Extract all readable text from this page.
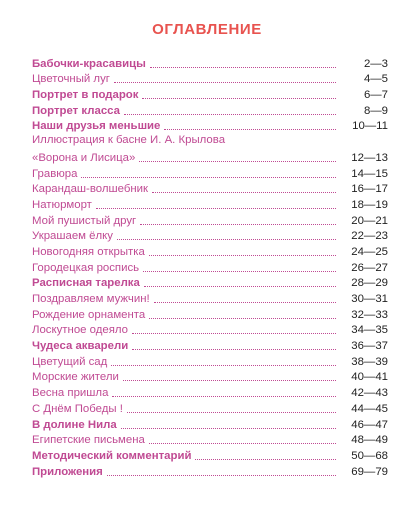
ОГЛАВЛЕНИЕ
Бабочки-красавицы	2—3
Цветочный луг	4—5
Портрет в подарок	6—7
Портрет класса	8—9
Наши друзья меньшие	10—11
Иллюстрация к басне И. А. Крылова
«Ворона и Лисица»	12—13
Гравюра	14—15
Карандаш-волшебник	16—17
Натюрморт	18—19
Мой пушистый друг	20—21
Украшаем ёлку	22—23
Новогодняя открытка	24—25
Городецкая роспись	26—27
Расписная тарелка	28—29
Поздравляем мужчин!	30—31
Рождение орнамента	32—33
Лоскутное одеяло	34—35
Чудеса акварели	36—37
Цветущий сад	38—39
Морские жители	40—41
Весна пришла	42—43
С Днём Победы !	44—45
В долине Нила	46—47
Египетские письмена	48—49
Методический комментарий	50—68
Приложения	69—79
